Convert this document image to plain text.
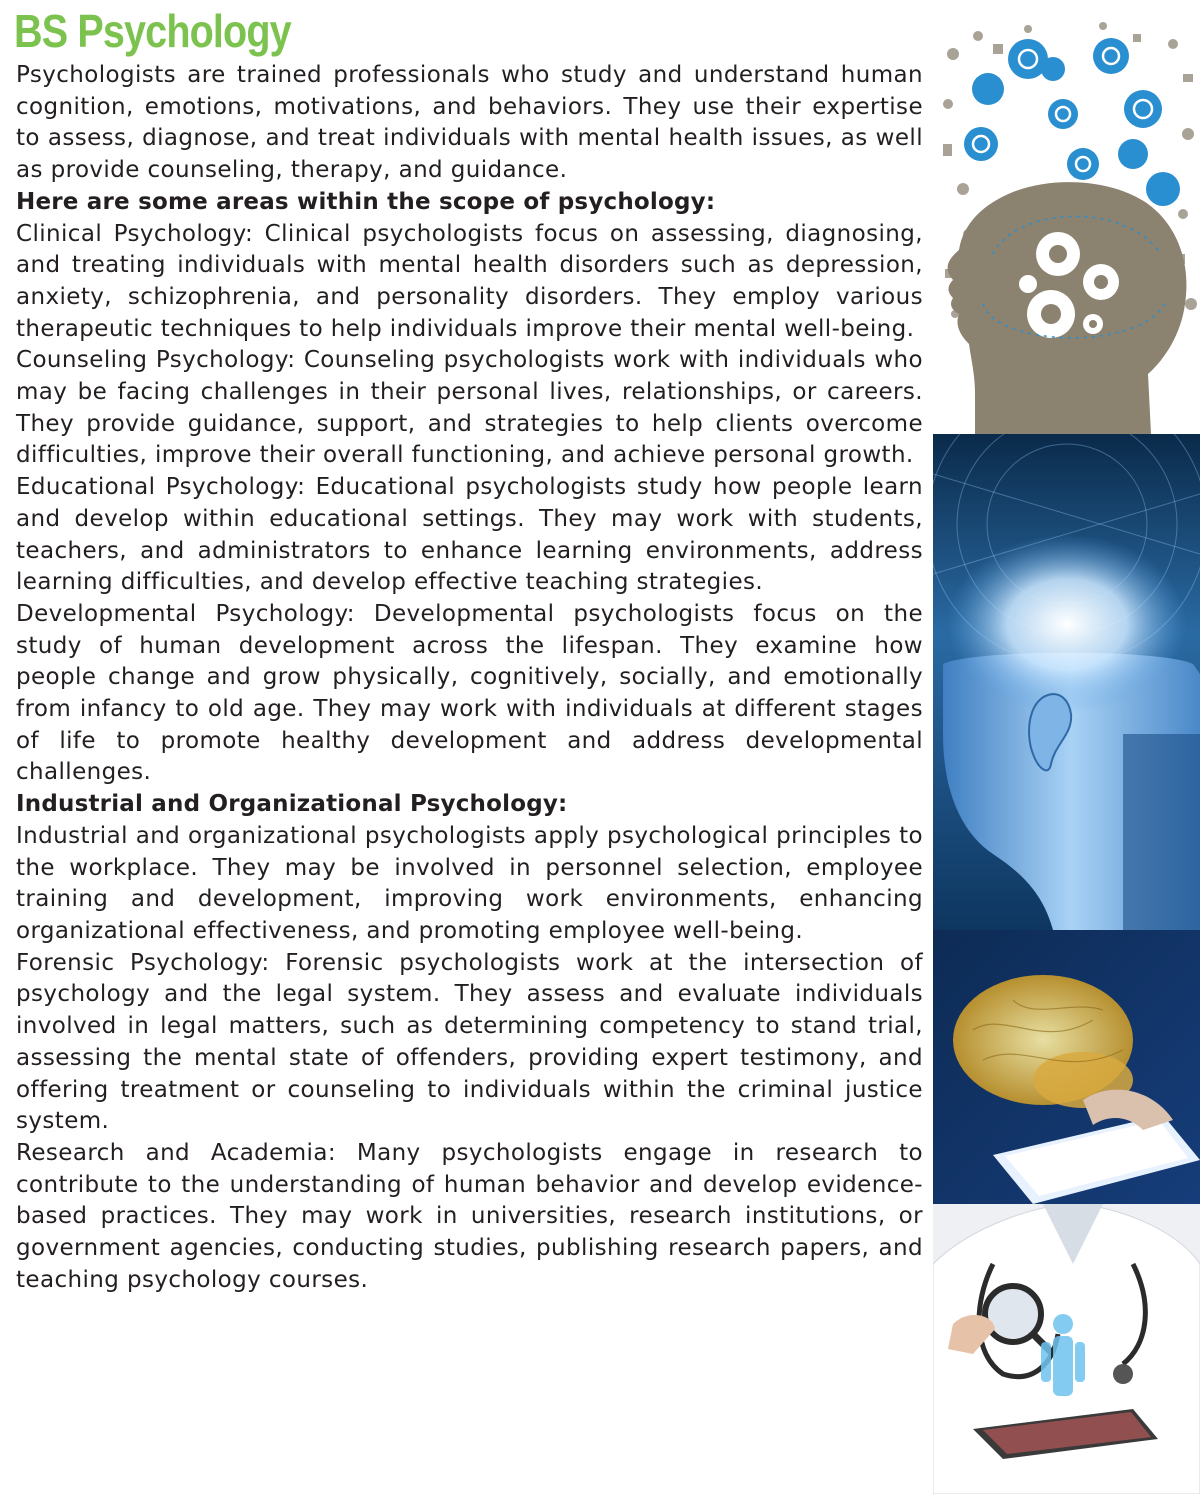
BS Psychology

Psychologists are trained professionals who study and understand human cognition, emotions, motivations, and behaviors. They use their expertise to assess, diagnose, and treat individuals with mental health issues, as well as provide counseling, therapy, and guidance.

Here are some areas within the scope of psychology:

Clinical Psychology: Clinical psychologists focus on assessing, diagnosing, and treating individuals with mental health disorders such as depression, anxiety, schizophrenia, and personality disorders. They employ various therapeutic techniques to help individuals improve their mental well-being.

Counseling Psychology: Counseling psychologists work with individuals who may be facing challenges in their personal lives, relationships, or careers. They provide guidance, support, and strategies to help clients overcome difficulties, improve their overall functioning, and achieve personal growth.

Educational Psychology: Educational psychologists study how people learn and develop within educational settings. They may work with students, teachers, and administrators to enhance learning environments, address learning difficulties, and develop effective teaching strategies.

Developmental Psychology: Developmental psychologists focus on the study of human development across the lifespan. They examine how people change and grow physically, cognitively, socially, and emotionally from infancy to old age. They may work with individuals at different stages of life to promote healthy development and address developmental challenges.

Industrial and Organizational Psychology:

Industrial and organizational psychologists apply psychological principles to the workplace. They may be involved in personnel selection, employee training and development, improving work environments, enhancing organizational effectiveness, and promoting employee well-being.

Forensic Psychology: Forensic psychologists work at the intersection of psychology and the legal system. They assess and evaluate individuals involved in legal matters, such as determining competency to stand trial, assessing the mental state of offenders, providing expert testimony, and offering treatment or counseling to individuals within the criminal justice system.

Research and Academia: Many psychologists engage in research to contribute to the understanding of human behavior and develop evidence-based practices. They may work in universities, research institutions, or government agencies, conducting studies, publishing research papers, and teaching psychology courses.
